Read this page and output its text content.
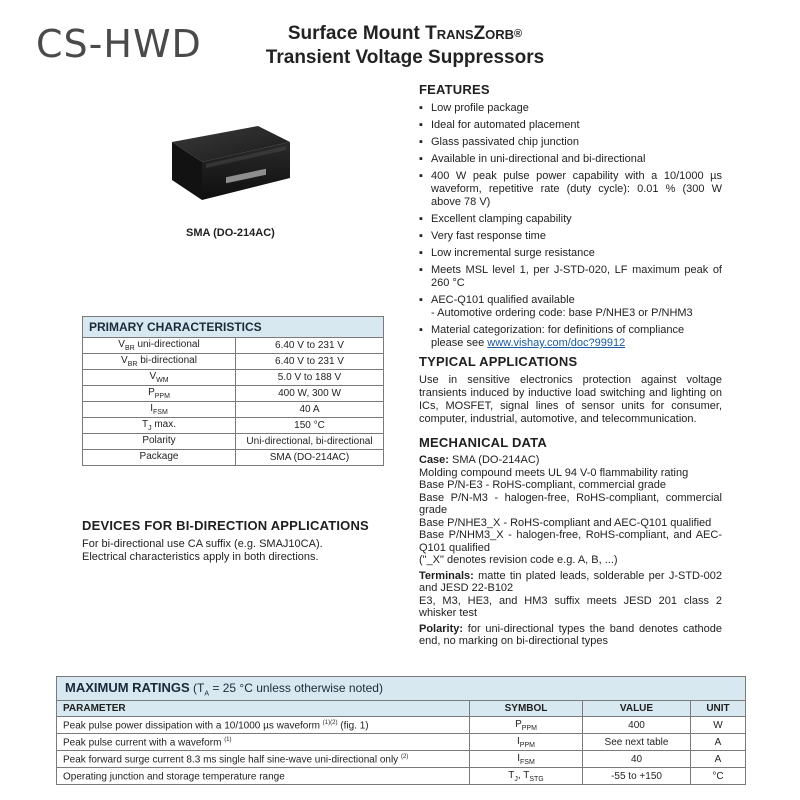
CS-HWD	Surface Mount TransZorb®
Transient Voltage Suppressors
SMA (DO-214AC)
FEATURES
▪ Low profile package
▪ Ideal for automated placement
▪ Glass passivated chip junction
▪ Available in uni-directional and bi-directional
▪ 400 W peak pulse power capability with a 10/1000 µs waveform, repetitive rate (duty cycle): 0.01 % (300 W above 78 V)
▪ Excellent clamping capability
▪ Very fast response time
▪ Low incremental surge resistance
▪ Meets MSL level 1, per J-STD-020, LF maximum peak of 260 °C
▪ AEC-Q101 qualified available
- Automotive ordering code: base P/NHE3 or P/NHM3
▪ Material categorization: for definitions of compliance
please see www.vishay.com/doc?99912
TYPICAL APPLICATIONS
Use in sensitive electronics protection against voltage transients induced by inductive load switching and lighting on ICs, MOSFET, signal lines of sensor units for consumer, computer, industrial, automotive, and telecommunication.
MECHANICAL DATA

Case: SMA (DO-214AC)

Molding compound meets UL 94 V-0 flammability rating

Base P/N-E3 - RoHS-compliant, commercial grade

Base P/N-M3 - halogen-free, RoHS-compliant, commercial grade

Base P/NHE3_X - RoHS-compliant and AEC-Q101 qualified

Base P/NHM3_X - halogen-free, RoHS-compliant, and AEC-Q101 qualified

("_X" denotes revision code e.g. A, B, ...)

Terminals: matte tin plated leads, solderable per J-STD-002 and JESD 22-B102

E3, M3, HE3, and HM3 suffix meets JESD 201 class 2 whisker test

Polarity: for uni-directional types the band denotes cathode end, no marking on bi-directional types

PRIMARY CHARACTERISTICS	
$V_{BR}$ uni-directional	6.40 V to 231 V
$V_{BR}$ bi-directional	6.40 V to 231 V
$V_{WM}$	5.0 V to 188 V
$P_{PPM}$	400 W, 300 W
$I_{FSM}$	40 A
$T_J$ max.	150 °C
Polarity	Uni-directional, bi-directional
Package	SMA (DO-214AC)
DEVICES FOR BI-DIRECTION APPLICATIONS
For bi-directional use CA suffix (e.g. SMAJ10CA).
Electrical characteristics apply in both directions.
MAXIMUM RATINGS ($T_A = 25$ °C unless otherwise noted)			
PARAMETER	SYMBOL	VALUE	UNIT
Peak pulse power dissipation with a 10/1000 µs waveform $^{(1)(2)}$ (fig. 1)	$P_{PPM}$	400	W
Peak pulse current with a waveform $^{(1)}$	$I_{PPM}$	See next table	A
Peak forward surge current 8.3 ms single half sine-wave uni-directional only $^{(2)}$	$I_{FSM}$	40	A
Operating junction and storage temperature range	$T_J$, $T_{STG}$	-55 to +150	°C
